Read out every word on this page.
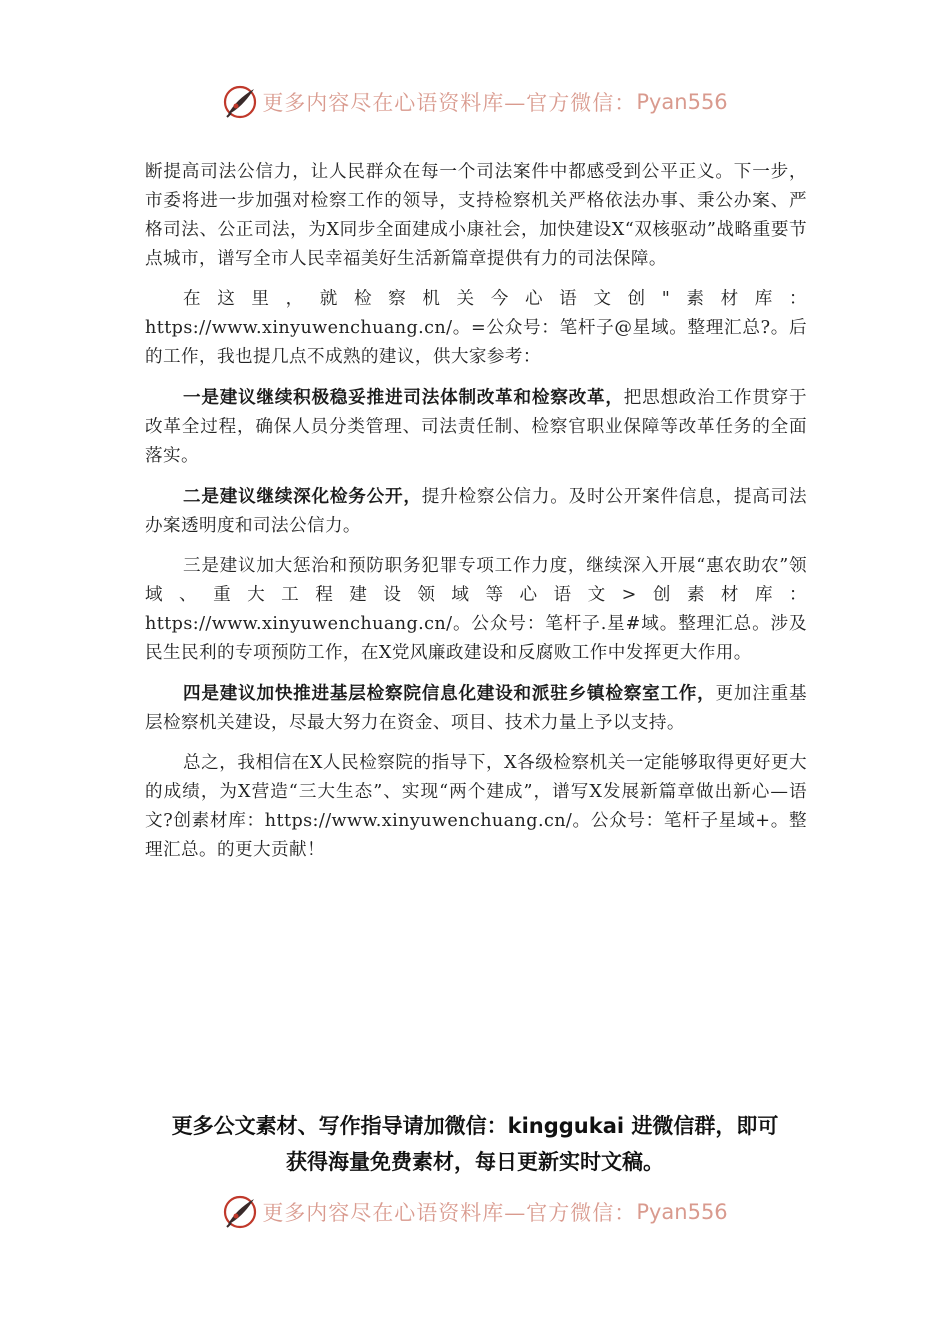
更多内容尽在心语资料库—官方微信： Pyan556

断提高司法公信力，让人民群众在每一个司法案件中都感受到公平正义。下一步，市委将进一步加强对检察工作的领导，支持检察机关严格依法办事、秉公办案、严格司法、公正司法，为X同步全面建成小康社会，加快建设X“双核驱动”战略重要节点城市，谱写全市人民幸福美好生活新篇章提供有力的司法保障。

在这里，就检察机关今心语文创"素材库：https://www.xinyuwenchuang.cn/。=公众号：笔杆子@星域。整理汇总?。后的工作，我也提几点不成熟的建议，供大家参考：

一是建议继续积极稳妥推进司法体制改革和检察改革，把思想政治工作贯穿于改革全过程，确保人员分类管理、司法责任制、检察官职业保障等改革任务的全面落实。

二是建议继续深化检务公开，提升检察公信力。及时公开案件信息，提高司法办案透明度和司法公信力。

三是建议加大惩治和预防职务犯罪专项工作力度，继续深入开展“惠农助农”领域、重大工程建设领域等心语文>创素材库：https://www.xinyuwenchuang.cn/。公众号：笔杆子.星#域。整理汇总。涉及民生民利的专项预防工作，在X党风廉政建设和反腐败工作中发挥更大作用。

四是建议加快推进基层检察院信息化建设和派驻乡镇检察室工作，更加注重基层检察机关建设，尽最大努力在资金、项目、技术力量上予以支持。

总之，我相信在X人民检察院的指导下，X各级检察机关一定能够取得更好更大的成绩，为X营造“三大生态”、实现“两个建成”，谱写X发展新篇章做出新心—语文?创素材库：https://www.xinyuwenchuang.cn/。公众号：笔杆子星域+。整理汇总。的更大贡献！

更多公文素材、写作指导请加微信：kinggukai 进微信群，即可
获得海量免费素材，每日更新实时文稿。
更多内容尽在心语资料库—官方微信： Pyan556
